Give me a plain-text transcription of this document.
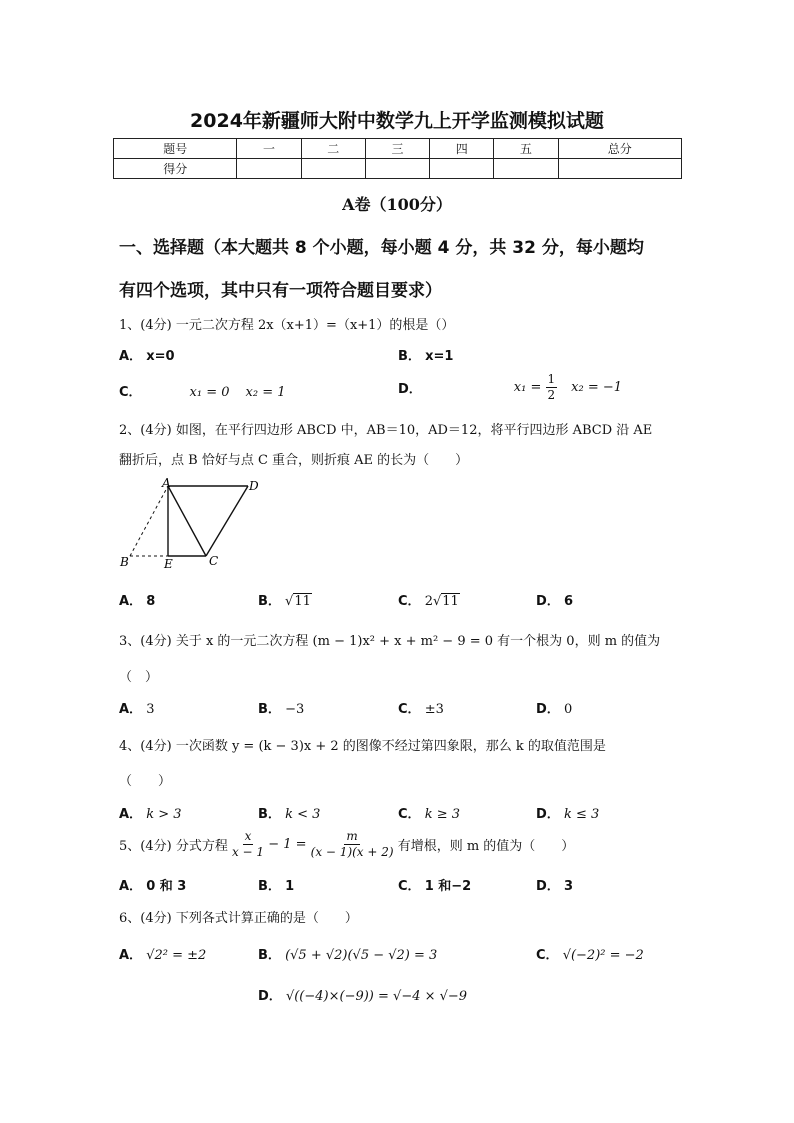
2024年新疆师大附中数学九上开学监测模拟试题
题号	一	二	三	四	五	总分
得分						
A卷（100分）
一、选择题（本大题共 8 个小题，每小题 4 分，共 32 分，每小题均
有四个选项，其中只有一项符合题目要求）
1、(4分) 一元二次方程 2x（x+1）=（x+1）的根是（）
A． x=0	B． x=1
C．	x₁ = 0 x₂ = 1	D．	$x_1 = \frac{1}{2} x_2 = -1$
2、(4分) 如图，在平行四边形 ABCD 中，AB＝10，AD＝12，将平行四边形 ABCD 沿 AE
翻折后，点 B 恰好与点 C 重合，则折痕 AE 的长为（　　）
A	D
B	E	C
A． 8	B． √11	C． 2√11	D． 6
3、(4分) 关于 x 的一元二次方程 (m − 1)x² + x + m² − 9 = 0 有一个根为 0，则 m 的值为
（　）
A． 3	B． −3	C． ±3	D． 0
4、(4分) 一次函数 y = (k − 3)x + 2 的图像不经过第四象限，那么 k 的取值范围是
（　　）
A． k > 3	B． k < 3	C． k ≥ 3	D． k ≤ 3
5、(4分) 分式方程 $\frac{x}{x - 1} - 1 = \frac{m}{(x - 1)(x + 2)}$ 有增根，则 m 的值为（　　）
A． 0 和 3	B． 1	C． 1 和−2	D． 3
6、(4分) 下列各式计算正确的是（　　）
A． √2² = ±2	B． (√5 + √2)(√5 − √2) = 3	C． √(−2)² = −2
D． √((−4)×(−9)) = √−4 × √−9
